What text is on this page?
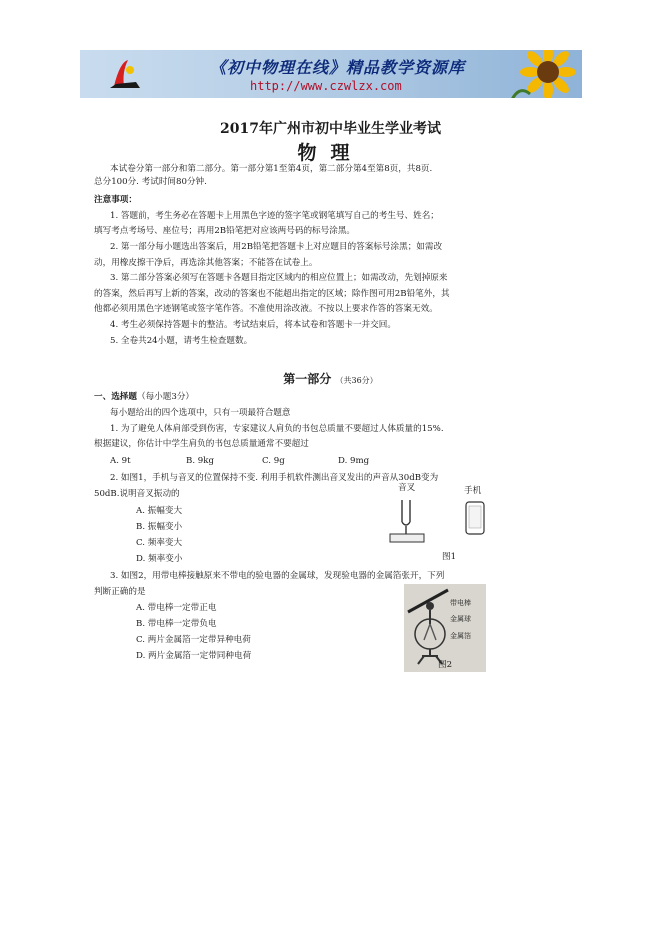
《初中物理在线》精品教学资源库
http://www.czwlzx.com
2017年广州市初中毕业生学业考试
物理
本试卷分第一部分和第二部分。第一部分第1至第4页，第二部分第4至第8页，共8页.
总分100分. 考试时间80分钟.
注意事项：
1. 答题前，考生务必在答题卡上用黑色字迹的签字笔或钢笔填写自己的考生号、姓名；
填写考点考场号、座位号；再用2B铅笔把对应该两号码的标号涂黑。
2. 第一部分每小题选出答案后，用2B铅笔把答题卡上对应题目的答案标号涂黑；如需改
动，用橡皮擦干净后，再选涂其他答案；不能答在试卷上。
3. 第二部分答案必须写在答题卡各题目指定区域内的相应位置上；如需改动，先划掉原来
的答案，然后再写上新的答案，改动的答案也不能超出指定的区域；除作图可用2B铅笔外，其
他都必须用黑色字迹钢笔或签字笔作答。不准使用涂改液。不按以上要求作答的答案无效。
4. 考生必须保持答题卡的整洁。考试结束后，将本试卷和答题卡一并交回。
5. 全卷共24小题，请考生检查题数。
第一部分 （共36分）
一、选择题（每小题3分）
每小题给出的四个选项中，只有一项最符合题意
1. 为了避免人体肩部受到伤害，专家建议人肩负的书包总质量不要超过人体质量的15%.
根据建议，你估计中学生肩负的书包总质量通常不要超过
A. 9t	B. 9kg	C. 9g	D. 9mg
2. 如图1，手机与音叉的位置保持不变. 利用手机软件测出音叉发出的声音从30dB变为
50dB.说明音叉振动的
A. 振幅变大
B. 振幅变小
C. 频率变大
D. 频率变小
音叉	手机
图1
3. 如图2，用带电棒接触原来不带电的验电器的金属球，发现验电器的金属箔张开，下列
判断正确的是
A. 带电棒一定带正电
B. 带电棒一定带负电
C. 两片金属箔一定带异种电荷
D. 两片金属箔一定带同种电荷
带电棒
金属球
金属箔
图2
